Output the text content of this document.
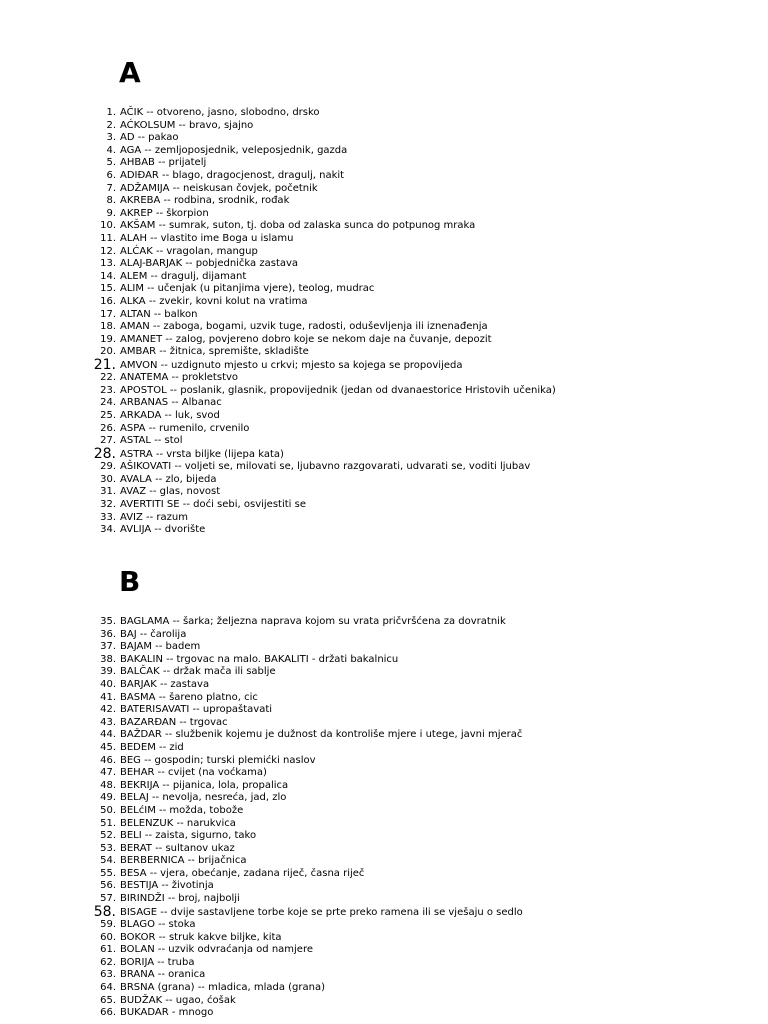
A
1. AČIK -- otvoreno, jasno, slobodno, drsko
2. AĆKOLSUM -- bravo, sjajno
3. AD -- pakao
4. AGA -- zemljoposjednik, veleposjednik, gazda
5. AHBAB -- prijatelj
6. ADIĐAR -- blago, dragocjenost, dragulj, nakit
7. ADŽAMIJA -- neiskusan čovjek, početnik
8. AKREBA -- rodbina, srodnik, rođak
9. AKREP -- škorpion
10. AKŠAM -- sumrak, suton, tj. doba od zalaska sunca do potpunog mraka
11. ALAH -- vlastito ime Boga u islamu
12. ALĆAK -- vragolan, mangup
13. ALAJ-BARJAK -- pobjednička zastava
14. ALEM -- dragulj, dijamant
15. ALIM -- učenjak (u pitanjima vjere), teolog, mudrac
16. ALKA -- zvekir, kovni kolut na vratima
17. ALTAN -- balkon
18. AMAN -- zaboga, bogami, uzvik tuge, radosti, oduševljenja ili iznenađenja
19. AMANET -- zalog, povjereno dobro koje se nekom daje na čuvanje, depozit
20. AMBAR -- žitnica, spremište, skladište
21. AMVON -- uzdignuto mjesto u crkvi; mjesto sa kojega se propovijeda
22. ANATEMA -- prokletstvo
23. APOSTOL -- poslanik, glasnik, propovijednik (jedan od dvanaestorice Hristovih učenika)
24. ARBANAS -- Albanac
25. ARKADA -- luk, svod
26. ASPA -- rumenilo, crvenilo
27. ASTAL -- stol
28. ASTRA -- vrsta biljke (lijepa kata)
29. AŠIKOVATI -- voljeti se, milovati se, ljubavno razgovarati, udvarati se, voditi ljubav
30. AVALA -- zlo, bijeda
31. AVAZ -- glas, novost
32. AVERTITI SE -- doći sebi, osvijestiti se
33. AVIZ -- razum
34. AVLIJA -- dvorište
B
35. BAGLAMA -- šarka; željezna naprava kojom su vrata pričvršćena za dovratnik
36. BAJ -- čarolija
37. BAJAM -- badem
38. BAKALIN -- trgovac na malo. BAKALITI - držati bakalnicu
39. BALČAK -- držak mača ili sablje
40. BARJAK -- zastava
41. BASMA -- šareno platno, cic
42. BATERISAVATI -- upropaštavati
43. BAZARĐAN -- trgovac
44. BAŽDAR -- službenik kojemu je dužnost da kontroliše mjere i utege, javni mjerač
45. BEDEM -- zid
46. BEG -- gospodin; turski plemićki naslov
47. BEHAR -- cvijet (na voćkama)
48. BEKRIJA -- pijanica, lola, propalica
49. BELAJ -- nevolja, nesreća, jad, zlo
50. BELćIM -- možda, tobože
51. BELENZUK -- narukvica
52. BELI -- zaista, sigurno, tako
53. BERAT -- sultanov ukaz
54. BERBERNICA -- brijačnica
55. BESA -- vjera, obećanje, zadana riječ, časna riječ
56. BESTIJA -- životinja
57. BIRINDŽI -- broj, najbolji
58. BISAGE -- dvije sastavljene torbe koje se prte preko ramena ili se vješaju o sedlo
59. BLAGO -- stoka
60. BOKOR -- struk kakve biljke, kita
61. BOLAN -- uzvik odvraćanja od namjere
62. BORIJA -- truba
63. BRANA -- oranica
64. BRSNA (grana) -- mladica, mlada (grana)
65. BUDŽAK -- ugao, ćošak
66. BUKADAR - mnogo
